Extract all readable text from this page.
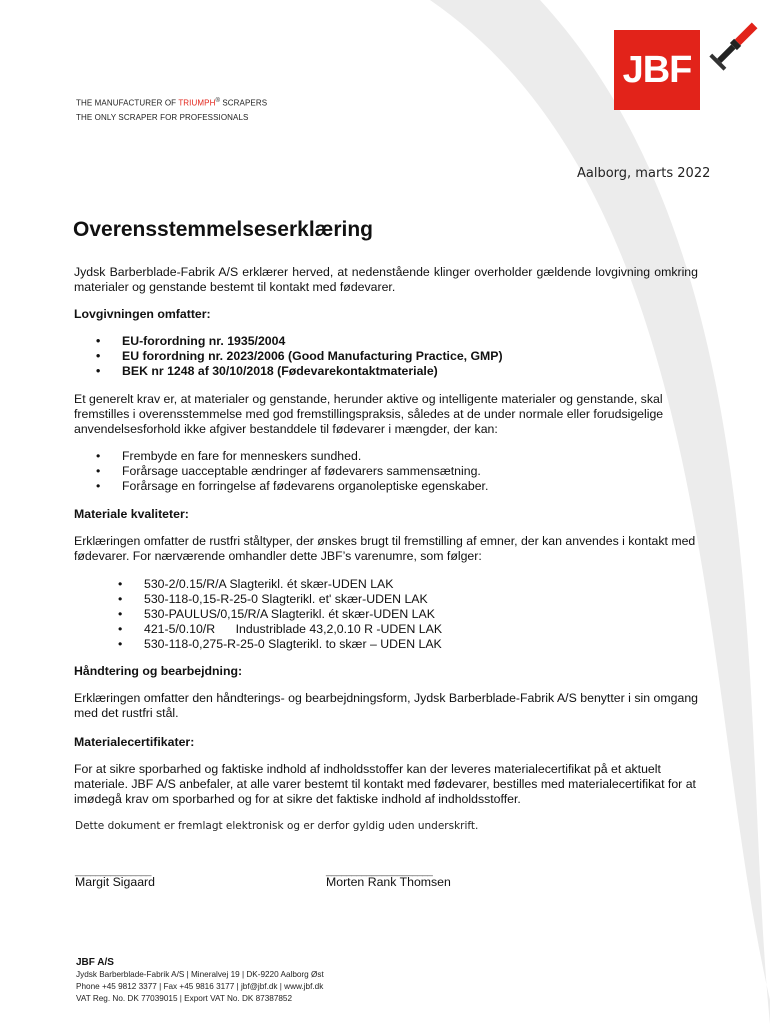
JBF
THE MANUFACTURER OF TRIUMPH® SCRAPERS
THE ONLY SCRAPER FOR PROFESSIONALS
Aalborg, marts 2022
Overensstemmelseserklæring
Jydsk Barberblade-Fabrik A/S erklærer herved, at nedenstående klinger overholder gældende lovgivning omkring materialer og genstande bestemt til kontakt med fødevarer.
Lovgivningen omfatter:
• EU-forordning nr. 1935/2004
• EU forordning nr. 2023/2006 (Good Manufacturing Practice, GMP)
• BEK nr 1248 af 30/10/2018 (Fødevarekontaktmateriale)
Et generelt krav er, at materialer og genstande, herunder aktive og intelligente materialer og genstande, skal fremstilles i overensstemmelse med god fremstillingspraksis, således at de under normale eller forudsigelige anvendelsesforhold ikke afgiver bestanddele til fødevarer i mængder, der kan:
• Frembyde en fare for menneskers sundhed.
• Forårsage uacceptable ændringer af fødevarers sammensætning.
• Forårsage en forringelse af fødevarens organoleptiske egenskaber.
Materiale kvaliteter:
Erklæringen omfatter de rustfri ståltyper, der ønskes brugt til fremstilling af emner, der kan anvendes i kontakt med fødevarer. For nærværende omhandler dette JBF’s varenumre, som følger:
• 530-2/0.15/R/A Slagterikl. ét skær-UDEN LAK
• 530-118-0,15-R-25-0 Slagterikl. et' skær-UDEN LAK
• 530-PAULUS/0,15/R/A Slagterikl. ét skær-UDEN LAK
• 421-5/0.10/R      Industriblade 43,2,0.10 R -UDEN LAK
• 530-118-0,275-R-25-0 Slagterikl. to skær – UDEN LAK
Håndtering og bearbejdning:
Erklæringen omfatter den håndterings- og bearbejdningsform, Jydsk Barberblade-Fabrik A/S benytter i sin omgang med det rustfri stål.
Materialecertifikater:
For at sikre sporbarhed og faktiske indhold af indholdsstoffer kan der leveres materialecertifikat på et aktuelt materiale. JBF A/S anbefaler, at alle varer bestemt til kontakt med fødevarer, bestilles med materialecertifikat for at imødegå krav om sporbarhed og for at sikre det faktiske indhold af indholdsstoffer.
Dette dokument er fremlagt elektronisk og er derfor gyldig uden underskrift.
_______________
Margit Sigaard
_____________________
Morten Rank Thomsen
JBF A/S
Jydsk Barberblade-Fabrik A/S | Mineralvej 19 | DK-9220 Aalborg Øst
Phone +45 9812 3377 | Fax +45 9816 3177 | jbf@jbf.dk | www.jbf.dk
VAT Reg. No. DK 77039015 | Export VAT No. DK 87387852
